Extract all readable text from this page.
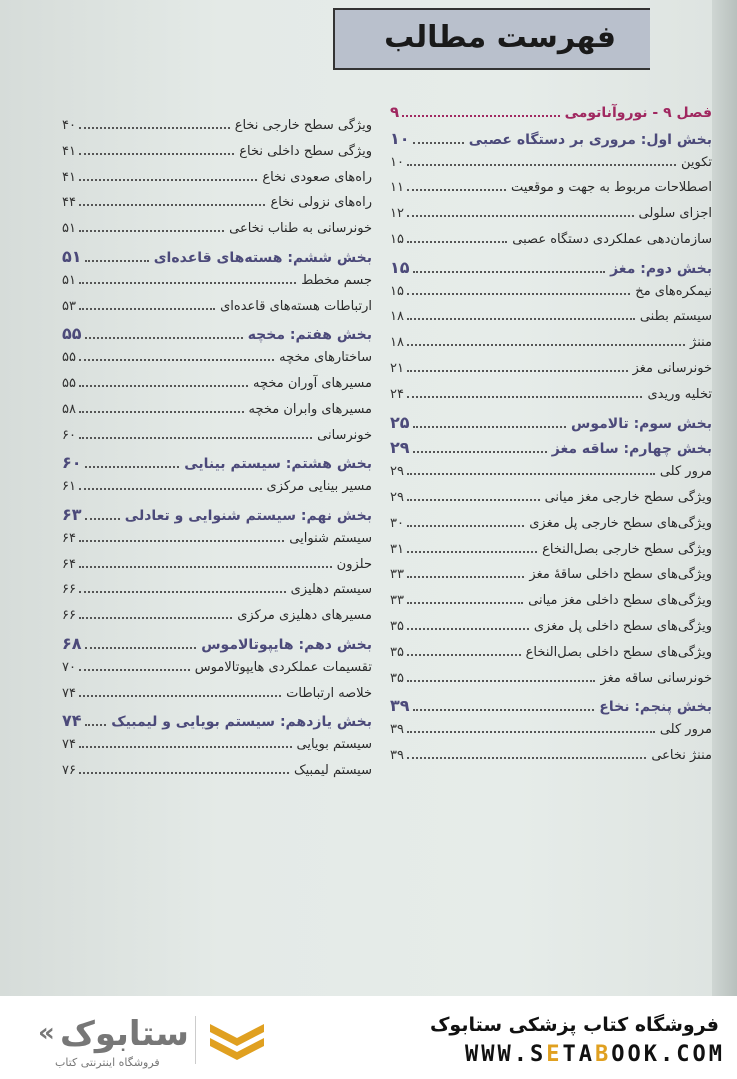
فهرست مطالب
فصل ۹ - نوروآناتومی
۹
بخش اول: مروری بر دستگاه عصبی
۱۰
تکوین
۱۰
اصطلاحات مربوط به جهت و موقعیت
۱۱
اجزای سلولی
۱۲
سازمان‌دهی عملکردی دستگاه عصبی
۱۵
بخش دوم: مغز
۱۵
نیمکره‌های مخ
۱۵
سیستم بطنی
۱۸
مننژ
۱۸
خونرسانی مغز
۲۱
تخلیه وریدی
۲۴
بخش سوم: تالاموس
۲۵
بخش چهارم: ساقه مغز
۲۹
مرور کلی
۲۹
ویژگی سطح خارجی مغز میانی
۲۹
ویژگی‌های سطح خارجی پل مغزی
۳۰
ویژگی سطح خارجی بصل‌النخاع
۳۱
ویژگی‌های سطح داخلی ساقهٔ مغز
۳۳
ویژگی‌های سطح داخلی مغز میانی
۳۳
ویژگی‌های سطح داخلی پل مغزی
۳۵
ویژگی‌های سطح داخلی بصل‌النخاع
۳۵
خونرسانی ساقه مغز
۳۵
بخش پنجم: نخاع
۳۹
مرور کلی
۳۹
مننژ نخاعی
۳۹
ویژگی سطح خارجی نخاع
۴۰
ویژگی سطح داخلی نخاع
۴۱
راه‌های صعودی نخاع
۴۱
راه‌های نزولی نخاع
۴۴
خونرسانی به طناب نخاعی
۵۱
بخش ششم: هسته‌های قاعده‌ای
۵۱
جسم مخطط
۵۱
ارتباطات هسته‌های قاعده‌ای
۵۳
بخش هفتم: مخچه
۵۵
ساختارهای مخچه
۵۵
مسیرهای آوران مخچه
۵۵
مسیرهای وابران مخچه
۵۸
خونرسانی
۶۰
بخش هشتم: سیستم بینایی
۶۰
مسیر بینایی مرکزی
۶۱
بخش نهم: سیستم شنوایی و تعادلی
۶۳
سیستم شنوایی
۶۴
حلزون
۶۴
سیستم دهلیزی
۶۶
مسیرهای دهلیزی مرکزی
۶۶
بخش دهم: هایپوتالاموس
۶۸
تقسیمات عملکردی هایپوتالاموس
۷۰
خلاصه ارتباطات
۷۴
بخش یازدهم: سیستم بویایی و لیمبیک
۷۴
سیستم بویایی
۷۴
سیستم لیمبیک
۷۶
فروشگاه کتاب پزشکی ستابوک
WWW.SETABOOK.COM
« ستابوک
فروشگاه اینترنتی کتاب
